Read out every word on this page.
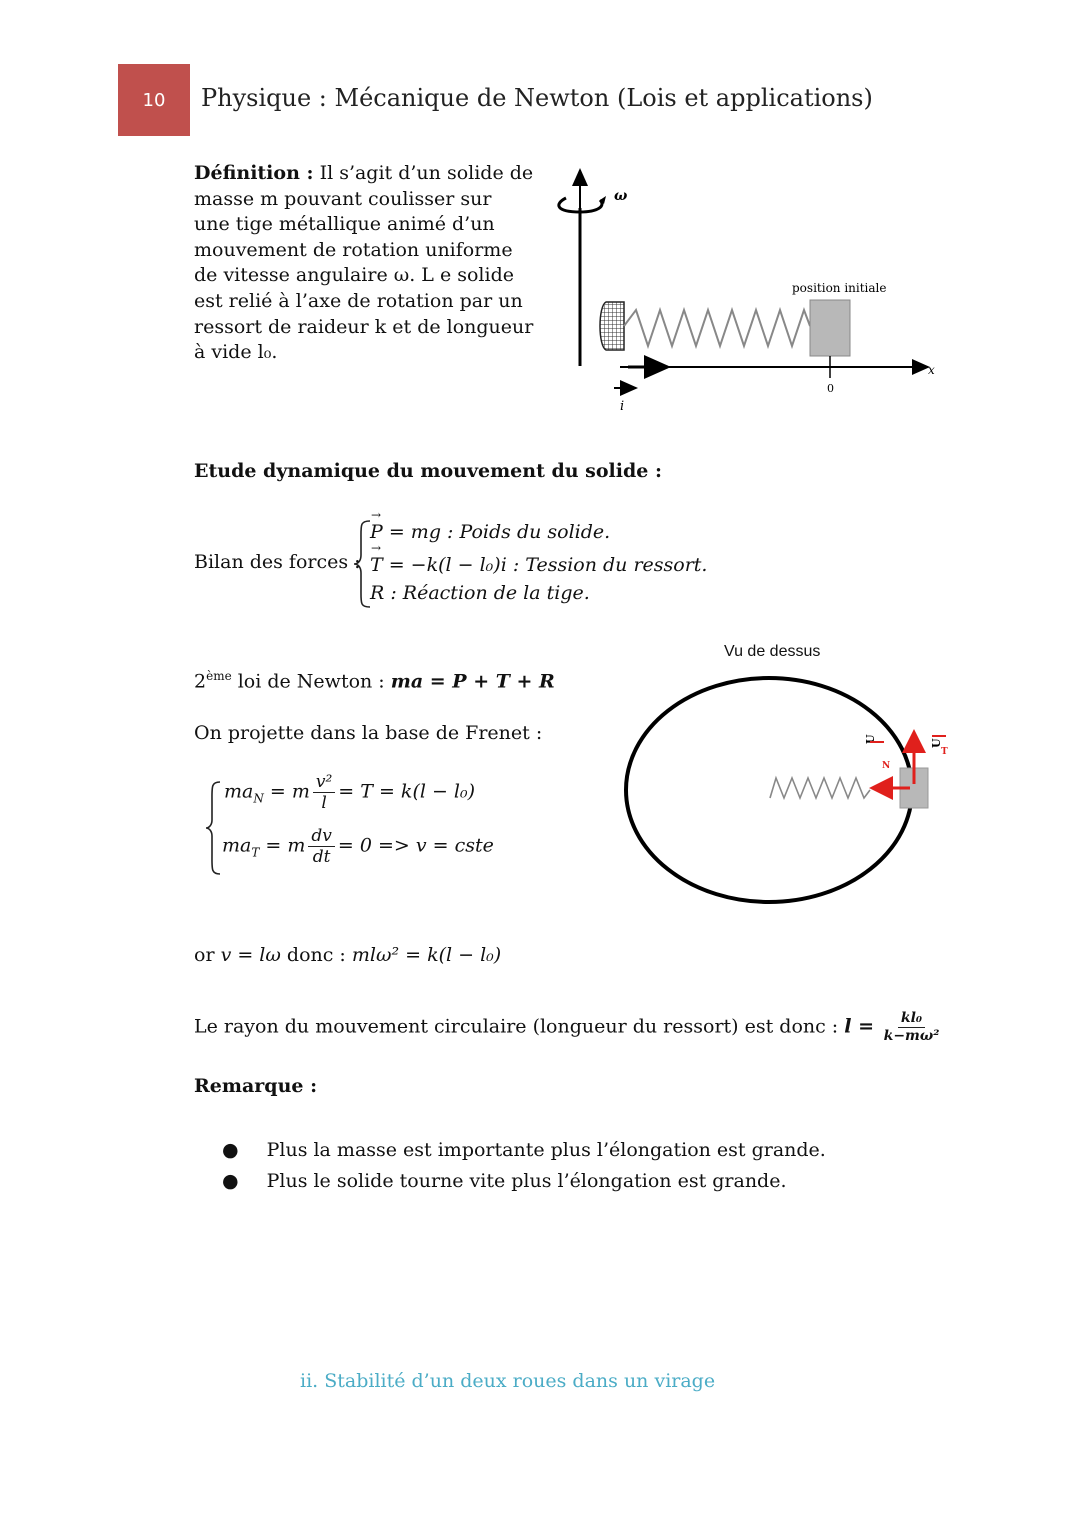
10 Physique : Mécanique de Newton (Lois et applications)
Définition : Il s’agit d’un solide de
masse m pouvant coulisser sur
une tige métallique animé d’un
mouvement de rotation uniforme
de vitesse angulaire ω. L e solide
est relié à l’axe de rotation par un
ressort de raideur k et de longueur
à vide l₀.
ω
position initiale
0
x
i
Etude dynamique du mouvement du solide :
Bilan des forces :
→ P = mg : Poids du solide.
→ T = −k(l − l₀)i : Tession du ressort.
R : Réaction de la tige.
2ème loi de Newton : ma = P + T + R
On projette dans la base de Frenet :
$ma_N = m \frac{\text{v²}}{l} = T = k(l - l_0)$
$ma_T = m \frac{dv}{dt} = 0 => v$ = cste
Vu de dessus
U
N
U
T
or v = lω donc : mlω² = k(l − l₀)
Le rayon du mouvement circulaire (longueur du ressort) est donc : $l = \frac{\text{kl₀}}{\text{k−mω²}}$
Remarque :
● Plus la masse est importante plus l’élongation est grande.
● Plus le solide tourne vite plus l’élongation est grande.
ii. Stabilité d’un deux roues dans un virage
